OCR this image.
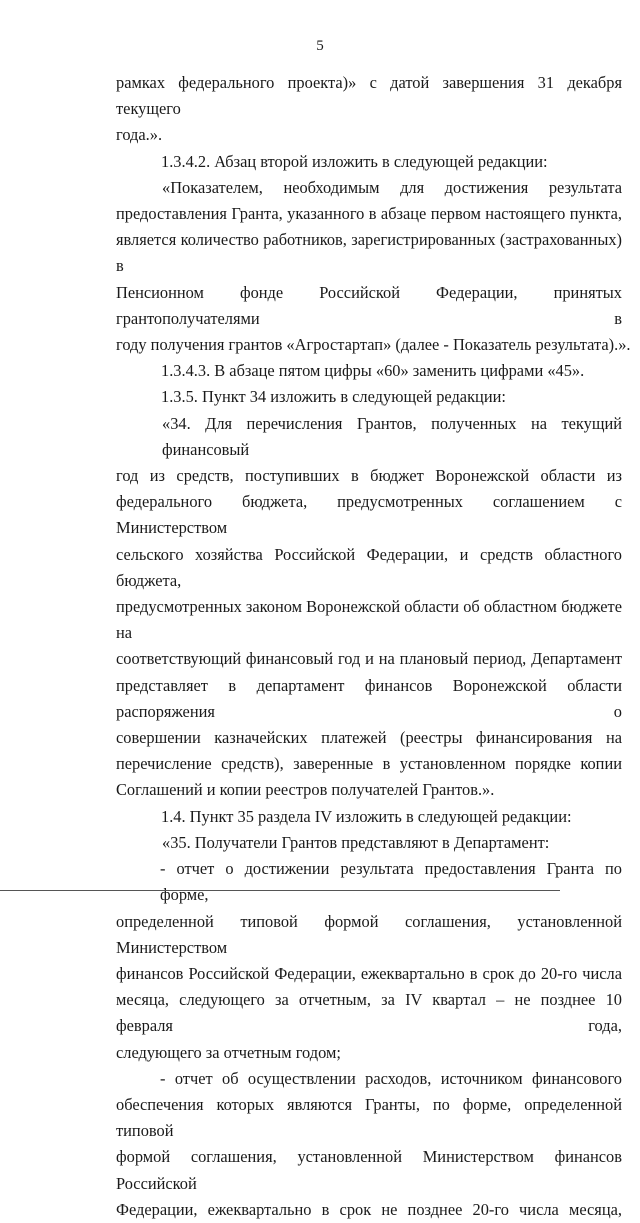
5
рамках федерального проекта)» с датой завершения 31 декабря текущего
года.».
1.3.4.2. Абзац второй изложить в следующей редакции:
«Показателем, необходимым для достижения результата
предоставления Гранта, указанного в абзаце первом настоящего пункта,
является количество работников, зарегистрированных (застрахованных) в
Пенсионном фонде Российской Федерации, принятых грантополучателями в
году получения грантов «Агростартап» (далее - Показатель результата).».
1.3.4.3. В абзаце пятом цифры «60» заменить цифрами «45».
1.3.5. Пункт 34 изложить в следующей редакции:
«34. Для перечисления Грантов, полученных на текущий финансовый
год из средств, поступивших в бюджет Воронежской области из
федерального бюджета, предусмотренных соглашением с Министерством
сельского хозяйства Российской Федерации, и средств областного бюджета,
предусмотренных законом Воронежской области об областном бюджете на
соответствующий финансовый год и на плановый период, Департамент
представляет в департамент финансов Воронежской области распоряжения о
совершении казначейских платежей (реестры финансирования на
перечисление средств), заверенные в установленном порядке копии
Соглашений и копии реестров получателей Грантов.».
1.4. Пункт 35 раздела IV изложить в следующей редакции:
«35. Получатели Грантов представляют в Департамент:
- отчет о достижении результата предоставления Гранта по форме,
определенной типовой формой соглашения, установленной Министерством
финансов Российской Федерации, ежеквартально в срок до 20-го числа
месяца, следующего за отчетным, за IV квартал – не позднее 10 февраля года,
следующего за отчетным годом;
- отчет об осуществлении расходов, источником финансового
обеспечения которых являются Гранты, по форме, определенной типовой
формой соглашения, установленной Министерством финансов Российской
Федерации, ежеквартально в срок не позднее 20-го числа месяца,
